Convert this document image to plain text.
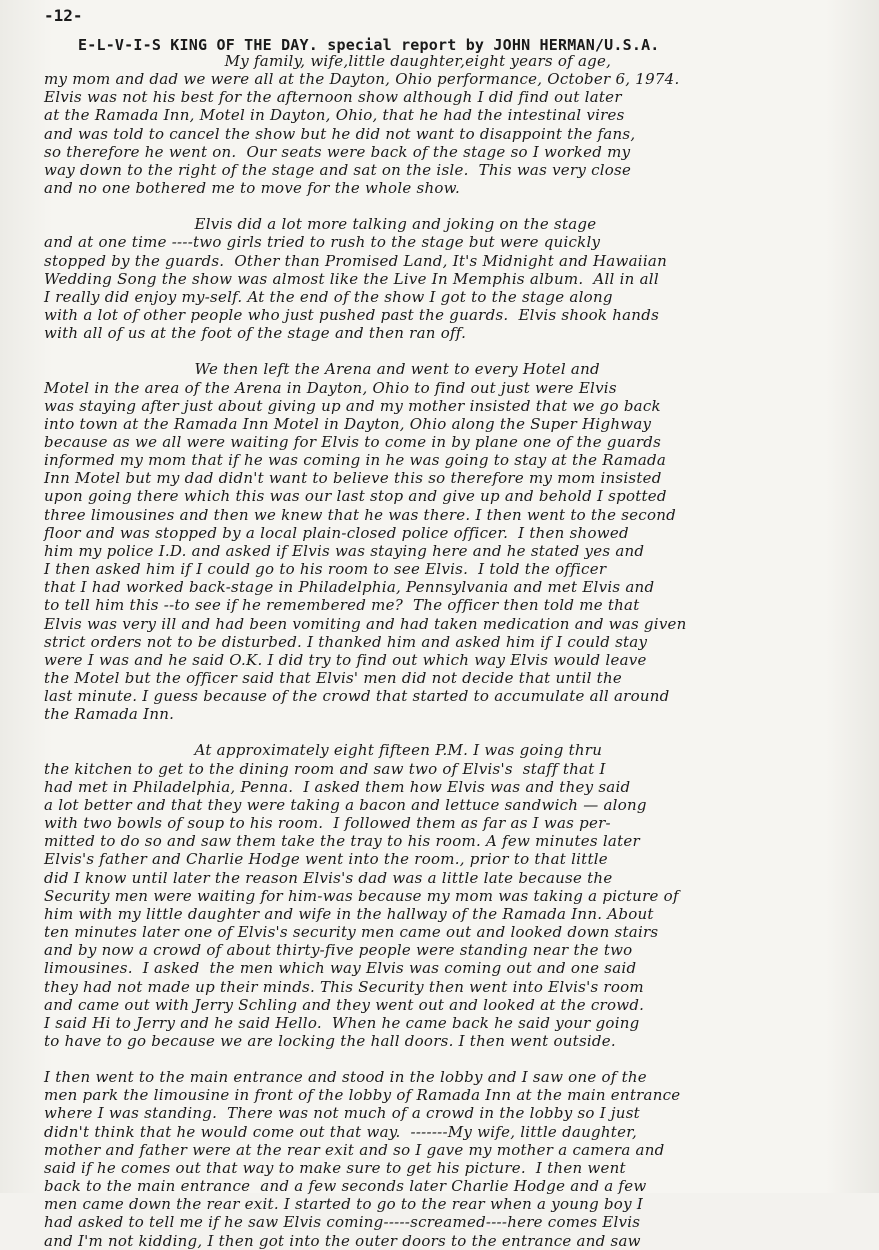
-12-
E-L-V-I-S KING OF THE DAY. special report by JOHN HERMAN/U.S.A.
My family, wife,little daughter,eight years of age,
my mom and dad we were all at the Dayton, Ohio performance, October 6, 1974.
Elvis was not his best for the afternoon show although I did find out later
at the Ramada Inn, Motel in Dayton, Ohio, that he had the intestinal vires
and was told to cancel the show but he did not want to disappoint the fans,
so therefore he went on.  Our seats were back of the stage so I worked my
way down to the right of the stage and sat on the isle.  This was very close
and no one bothered me to move for the whole show.
Elvis did a lot more talking and joking on the stage
and at one time ----two girls tried to rush to the stage but were quickly
stopped by the guards.  Other than Promised Land, It's Midnight and Hawaiian
Wedding Song the show was almost like the Live In Memphis album.  All in all
I really did enjoy my-self. At the end of the show I got to the stage along
with a lot of other people who just pushed past the guards.  Elvis shook hands
with all of us at the foot of the stage and then ran off.
We then left the Arena and went to every Hotel and
Motel in the area of the Arena in Dayton, Ohio to find out just were Elvis
was staying after just about giving up and my mother insisted that we go back
into town at the Ramada Inn Motel in Dayton, Ohio along the Super Highway
because as we all were waiting for Elvis to come in by plane one of the guards
informed my mom that if he was coming in he was going to stay at the Ramada
Inn Motel but my dad didn't want to believe this so therefore my mom insisted
upon going there which this was our last stop and give up and behold I spotted
three limousines and then we knew that he was there. I then went to the second
floor and was stopped by a local plain-closed police officer.  I then showed
him my police I.D. and asked if Elvis was staying here and he stated yes and
I then asked him if I could go to his room to see Elvis.  I told the officer
that I had worked back-stage in Philadelphia, Pennsylvania and met Elvis and
to tell him this --to see if he remembered me?  The officer then told me that
Elvis was very ill and had been vomiting and had taken medication and was given
strict orders not to be disturbed. I thanked him and asked him if I could stay
were I was and he said O.K. I did try to find out which way Elvis would leave
the Motel but the officer said that Elvis' men did not decide that until the
last minute. I guess because of the crowd that started to accumulate all around
the Ramada Inn.
At approximately eight fifteen P.M. I was going thru
the kitchen to get to the dining room and saw two of Elvis's  staff that I
had met in Philadelphia, Penna.  I asked them how Elvis was and they said
a lot better and that they were taking a bacon and lettuce sandwich — along
with two bowls of soup to his room.  I followed them as far as I was per-
mitted to do so and saw them take the tray to his room. A few minutes later
Elvis's father and Charlie Hodge went into the room., prior to that little
did I know until later the reason Elvis's dad was a little late because the
Security men were waiting for him-was because my mom was taking a picture of
him with my little daughter and wife in the hallway of the Ramada Inn. About
ten minutes later one of Elvis's security men came out and looked down stairs
and by now a crowd of about thirty-five people were standing near the two
limousines.  I asked  the men which way Elvis was coming out and one said
they had not made up their minds. This Security then went into Elvis's room
and came out with Jerry Schling and they went out and looked at the crowd.
I said Hi to Jerry and he said Hello.  When he came back he said your going
to have to go because we are locking the hall doors. I then went outside.
I then went to the main entrance and stood in the lobby and I saw one of the
men park the limousine in front of the lobby of Ramada Inn at the main entrance
where I was standing.  There was not much of a crowd in the lobby so I just
didn't think that he would come out that way.  -------My wife, little daughter,
mother and father were at the rear exit and so I gave my mother a camera and
said if he comes out that way to make sure to get his picture.  I then went
back to the main entrance  and a few seconds later Charlie Hodge and a few
men came down the rear exit. I started to go to the rear when a young boy I
had asked to tell me if he saw Elvis coming-----screamed----here comes Elvis
and I'm not kidding, I then got into the outer doors to the entrance and saw
